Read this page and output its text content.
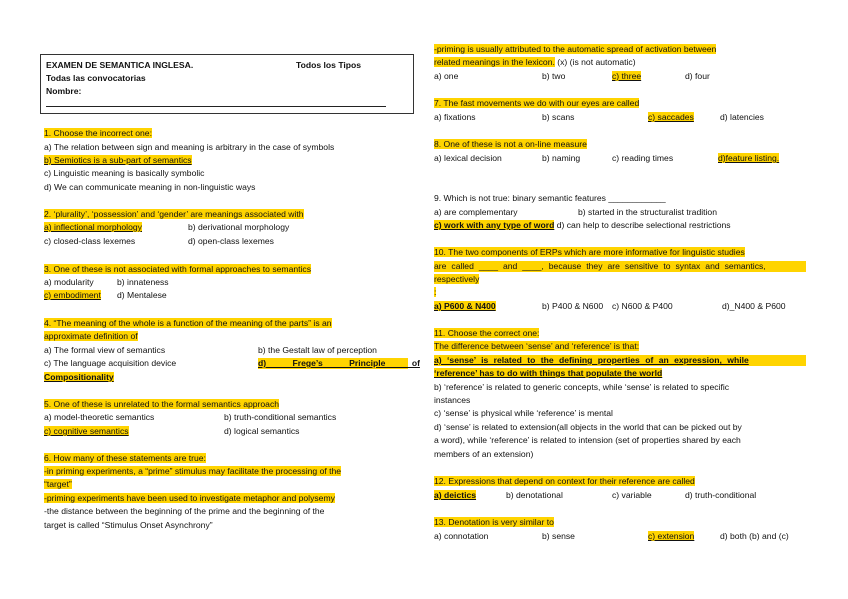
EXAMEN DE SEMANTICA INGLESA.	Todos los Tipos
Todas las convocatorias
Nombre:
1. Choose the incorrect one:
a) The relation between sign and meaning is arbitrary in the case of symbols
b) Semiotics is a sub-part of semantics
c) Linguistic meaning is basically symbolic
d) We can communicate meaning in non-linguistic ways
2. ‘plurality’, ‘possession’ and ‘gender’ are meanings associated with
a) inflectional morphology	b) derivational morphology
c) closed-class lexemes	d) open-class lexemes
3. One of these is not associated with formal approaches to semantics
a) modularity	b) innateness
c) embodiment d) Mentalese
4. “The meaning of the whole is a function of the meaning of the parts” is an
approximate definition of
a) The formal view of semantics	b) the Gestalt law of perception
c) The language acquisition device	d) Frege’s Principle of
Compositionality
5. One of these is unrelated to the formal semantics approach
a) model-theoretic semantics	b) truth-conditional semantics
c) cognitive semantics	d) logical semantics
6. How many of these statements are true:
-in priming experiments, a “prime” stimulus may facilitate the processing of the
“target”
-priming experiments have been used to investigate metaphor and polysemy
-the distance between the beginning of the prime and the beginning of the
target is called “Stimulus Onset Asynchrony”
-priming is usually attributed to the automatic spread of activation between
related meanings in the lexicon. (x) (is not automatic)
a) one	b) two	c) three	d) four
7. The fast movements we do with our eyes are called
a) fixations	b) scans	c) saccades	d) latencies
8. One of these is not a on-line measure
a) lexical decision	b) naming	c) reading times	d)feature listing.
9. Which is not true: binary semantic features ____________
a) are complementary	b) started in the structuralist tradition
c) work with any type of word d) can help to describe selectional restrictions
10. The two components of ERPs which are more informative for linguistic studies
are called ____ and ____, because they are sensitive to syntax and semantics,
respectively
:
a) P600 & N400	b) P400 & N600 c) N600 & P400	d)_N400 & P600
11. Choose the correct one:
The difference between ‘sense’ and ‘reference’ is that:
a) ‘sense’ is related to the defining properties of an expression, while
‘reference’ has to do with things that populate the world
b) ‘reference’ is related to generic concepts, while ‘sense’ is related to specific
instances
c) ‘sense’ is physical while ‘reference’ is mental
d) ‘sense’ is related to extension(all objects in the world that can be picked out by
a word), while ‘reference’ is related to intension (set of properties shared by each
members of an extension)
12. Expressions that depend on context for their reference are called
a) deictics	b) denotational	c) variable	d) truth-conditional
13. Denotation is very similar to
a) connotation	b) sense	c) extension	d) both (b) and (c)
